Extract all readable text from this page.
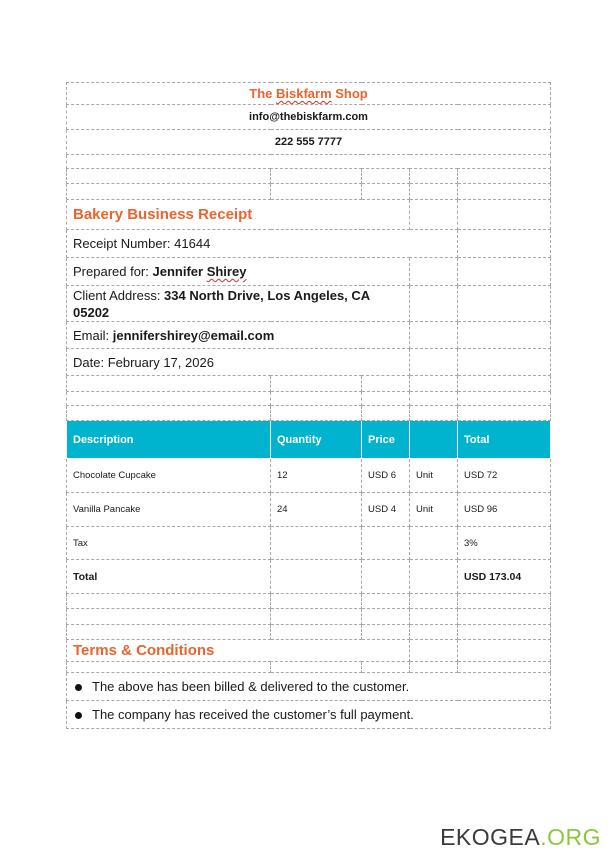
The Biskfarm Shop				
info@thebiskfarm.com				
222 555 7777				

Bakery Business Receipt				
Receipt Number: 41644				
Prepared for: Jennifer Shirey				
Client Address: 334 North Drive, Los Angeles, CA 05202				
Email: jennifershirey@email.com				
Date: February 17, 2026				

Description	Quantity	Price		Total
Chocolate Cupcake	12	USD 6	Unit	USD 72
Vanilla Pancake	24	USD 4	Unit	USD 96
Tax				3%
Total				USD 173.04

Terms & Conditions				

The above has been billed & delivered to the customer.				
The company has received the customer’s full payment.				
EKOGEA.ORG
